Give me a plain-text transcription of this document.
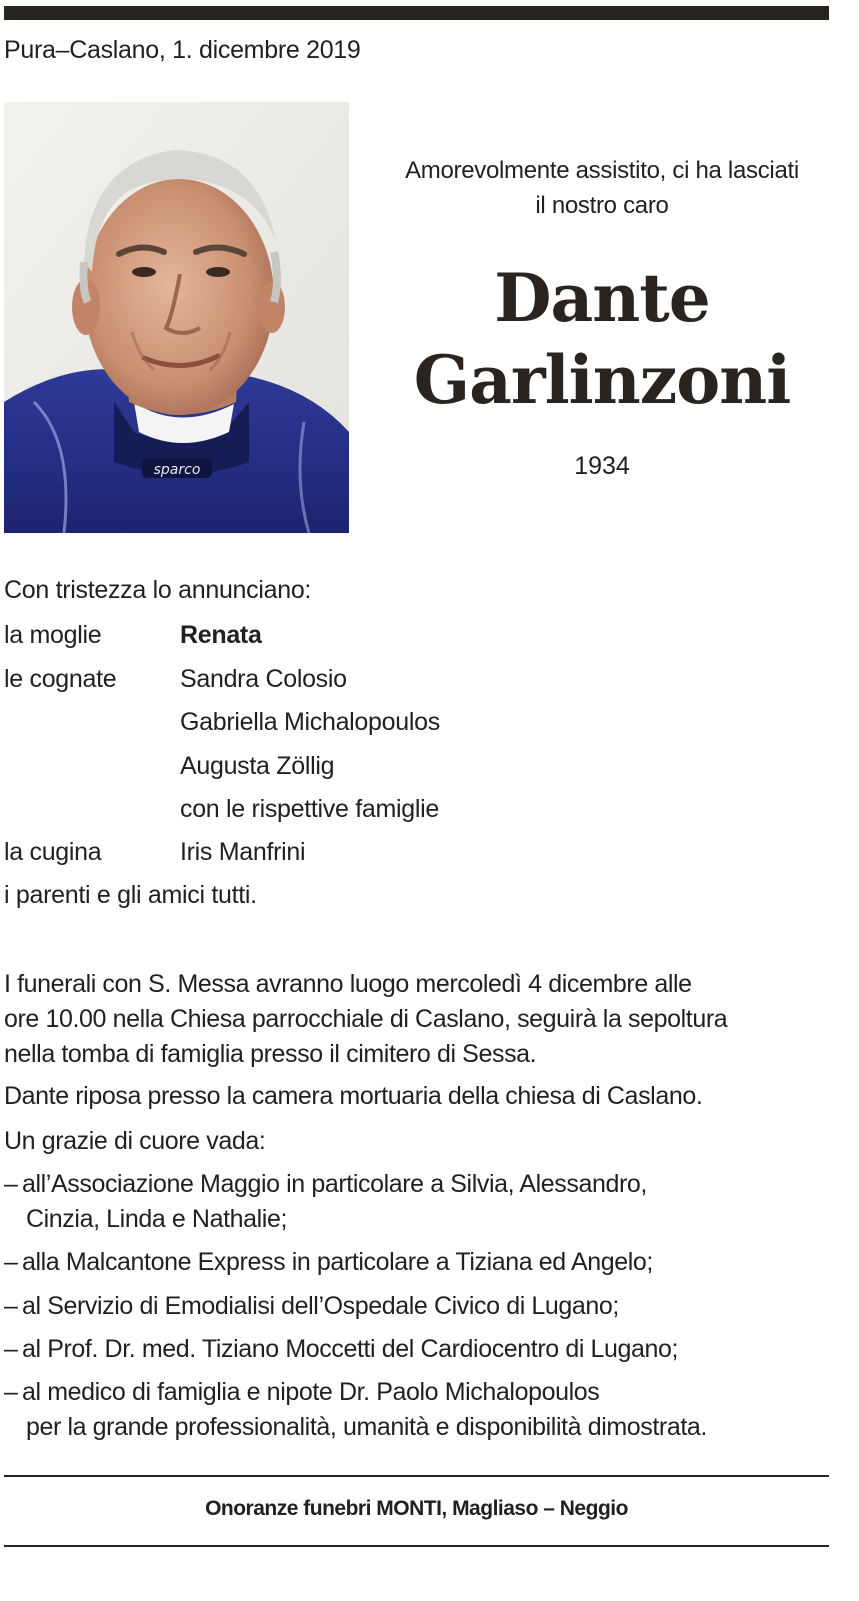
Pura–Caslano, 1. dicembre 2019
sparco
Amorevolmente assistito, ci ha lasciati
il nostro caro
Dante
Garlinzoni
1934
Con tristezza lo annunciano:
la moglie	Renata
le cognate	Sandra Colosio
Gabriella Michalopoulos
Augusta Zöllig
con le rispettive famiglie
la cugina	Iris Manfrini
i parenti e gli amici tutti.
I funerali con S. Messa avranno luogo mercoledì 4 dicembre alle
ore 10.00 nella Chiesa parrocchiale di Caslano, seguirà la sepoltura
nella tomba di famiglia presso il cimitero di Sessa.
Dante riposa presso la camera mortuaria della chiesa di Caslano.
Un grazie di cuore vada:
– all’Associazione Maggio in particolare a Silvia, Alessandro,
Cinzia, Linda e Nathalie;
– alla Malcantone Express in particolare a Tiziana ed Angelo;
– al Servizio di Emodialisi dell’Ospedale Civico di Lugano;
– al Prof. Dr. med. Tiziano Moccetti del Cardiocentro di Lugano;
– al medico di famiglia e nipote Dr. Paolo Michalopoulos
per la grande professionalità, umanità e disponibilità dimostrata.
Onoranze funebri MONTI, Magliaso – Neggio
